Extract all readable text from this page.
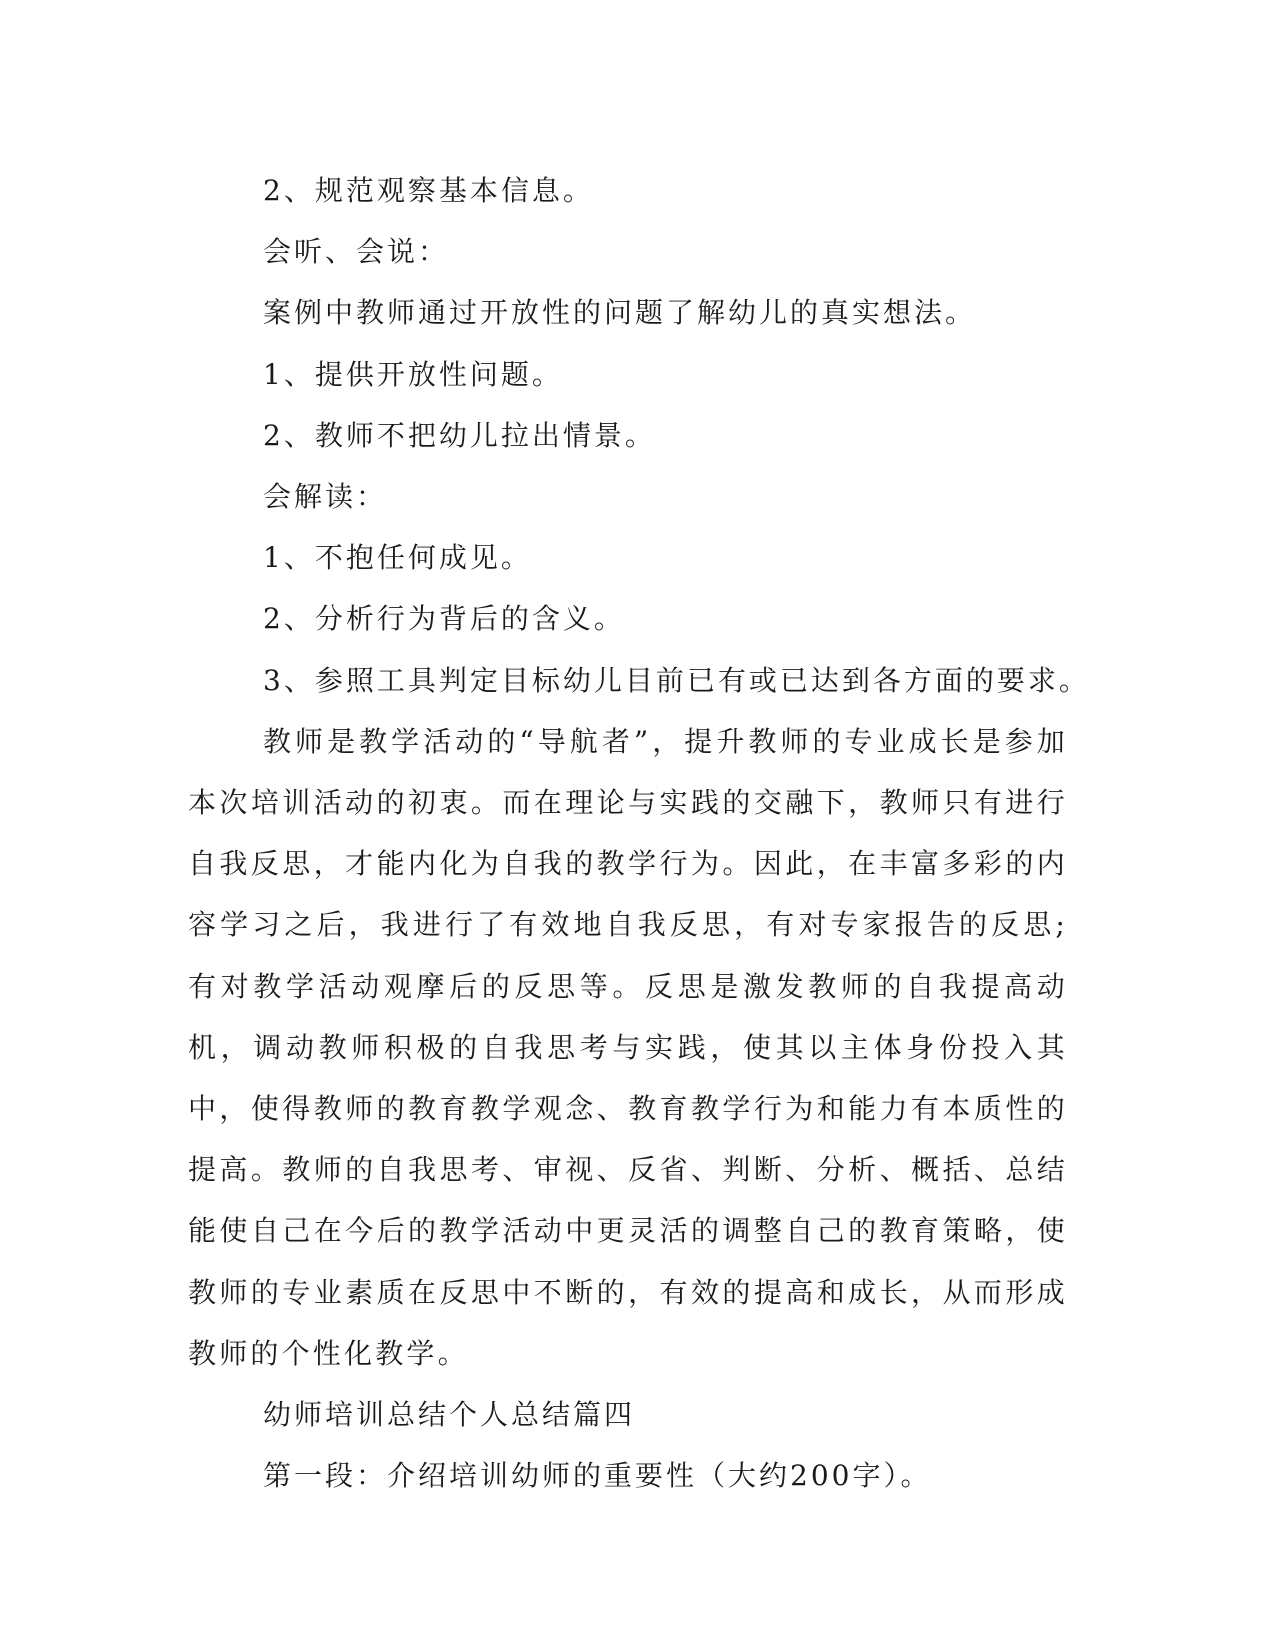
2、规范观察基本信息。

会听、会说：

案例中教师通过开放性的问题了解幼儿的真实想法。

1、提供开放性问题。

2、教师不把幼儿拉出情景。

会解读：

1、不抱任何成见。

2、分析行为背后的含义。

3、参照工具判定目标幼儿目前已有或已达到各方面的要求。

教师是教学活动的“导航者”，提升教师的专业成长是参加本次培训活动的初衷。而在理论与实践的交融下，教师只有进行自我反思，才能内化为自我的教学行为。因此，在丰富多彩的内容学习之后，我进行了有效地自我反思，有对专家报告的反思;有对教学活动观摩后的反思等。反思是激发教师的自我提高动机，调动教师积极的自我思考与实践，使其以主体身份投入其中，使得教师的教育教学观念、教育教学行为和能力有本质性的提高。教师的自我思考、审视、反省、判断、分析、概括、总结能使自己在今后的教学活动中更灵活的调整自己的教育策略，使教师的专业素质在反思中不断的，有效的提高和成长，从而形成教师的个性化教学。

幼师培训总结个人总结篇四

第一段：介绍培训幼师的重要性（大约200字）。
